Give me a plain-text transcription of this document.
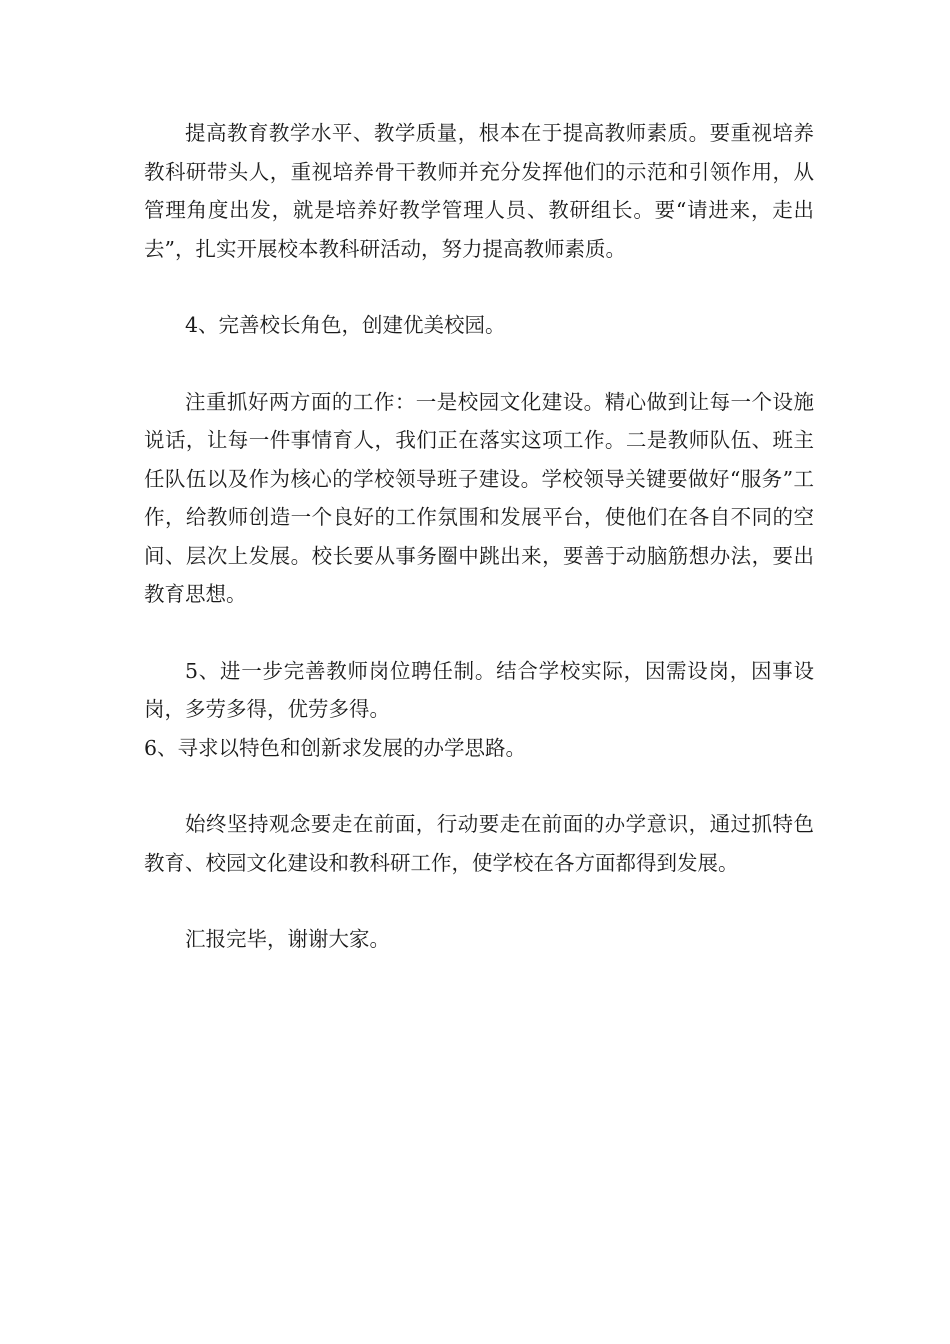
提高教育教学水平、教学质量，根本在于提高教师素质。要重视培养教科研带头人，重视培养骨干教师并充分发挥他们的示范和引领作用，从管理角度出发，就是培养好教学管理人员、教研组长。要“请进来，走出去”，扎实开展校本教科研活动，努力提高教师素质。

4、完善校长角色，创建优美校园。

注重抓好两方面的工作：一是校园文化建设。精心做到让每一个设施说话，让每一件事情育人，我们正在落实这项工作。二是教师队伍、班主任队伍以及作为核心的学校领导班子建设。学校领导关键要做好“服务”工作，给教师创造一个良好的工作氛围和发展平台，使他们在各自不同的空间、层次上发展。校长要从事务圈中跳出来，要善于动脑筋想办法，要出教育思想。

5、进一步完善教师岗位聘任制。结合学校实际，因需设岗，因事设岗，多劳多得，优劳多得。

6、寻求以特色和创新求发展的办学思路。

始终坚持观念要走在前面，行动要走在前面的办学意识，通过抓特色教育、校园文化建设和教科研工作，使学校在各方面都得到发展。

汇报完毕，谢谢大家。
